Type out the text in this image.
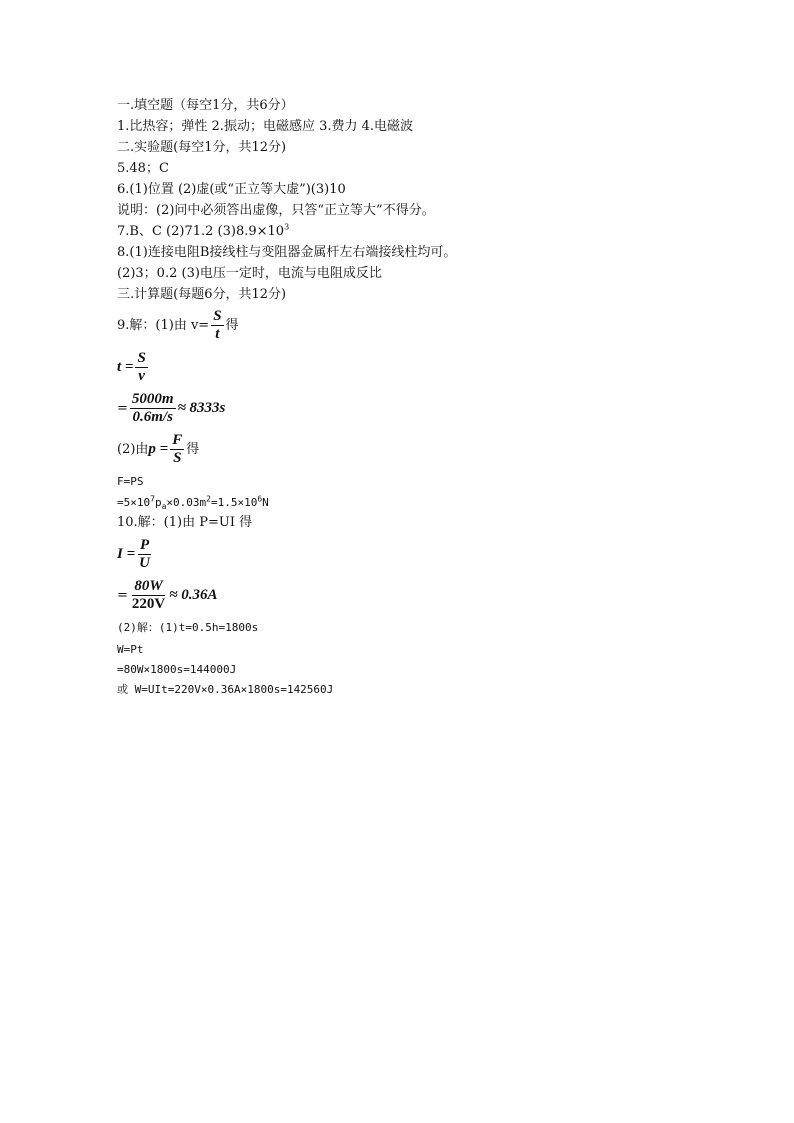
一.填空题（每空1分，共6分）
1.比热容；弹性 2.振动；电磁感应 3.费力 4.电磁波
二.实验题(每空1分，共12分)
5.48；C
6.(1)位置 (2)虚(或“正立等大虚”)(3)10
说明：(2)问中必须答出虚像，只答“正立等大”不得分。
7.B、C (2)71.2 $(3)8.9\times 10^3$
8.(1)连接电阻B接线柱与变阻器金属杆左右端接线柱均可。
(2)3；0.2 (3)电压一定时，电流与电阻成反比
三.计算题(每题6分，共12分)
9.解：(1)由 $v= \frac{S}{t}$ 得
$t = \frac{S}{v}$
= $\frac{5000m}{0.6m/s} \approx 8333s$
(2)由$p = \frac{F}{S}$ 得
F=PS
$=5\times 10^7p_a\times 0.03m^2=1.5\times 10^6N$
10.解：(1)由 P=UI 得
$I = \frac{P}{U}$
= $\frac{80W}{220V} \approx 0.36A$
(2)解：(1)t=0.5h=1800s
W=Pt
=80W×1800s=144000J
或 W=UIt=220V×0.36A×1800s=142560J
